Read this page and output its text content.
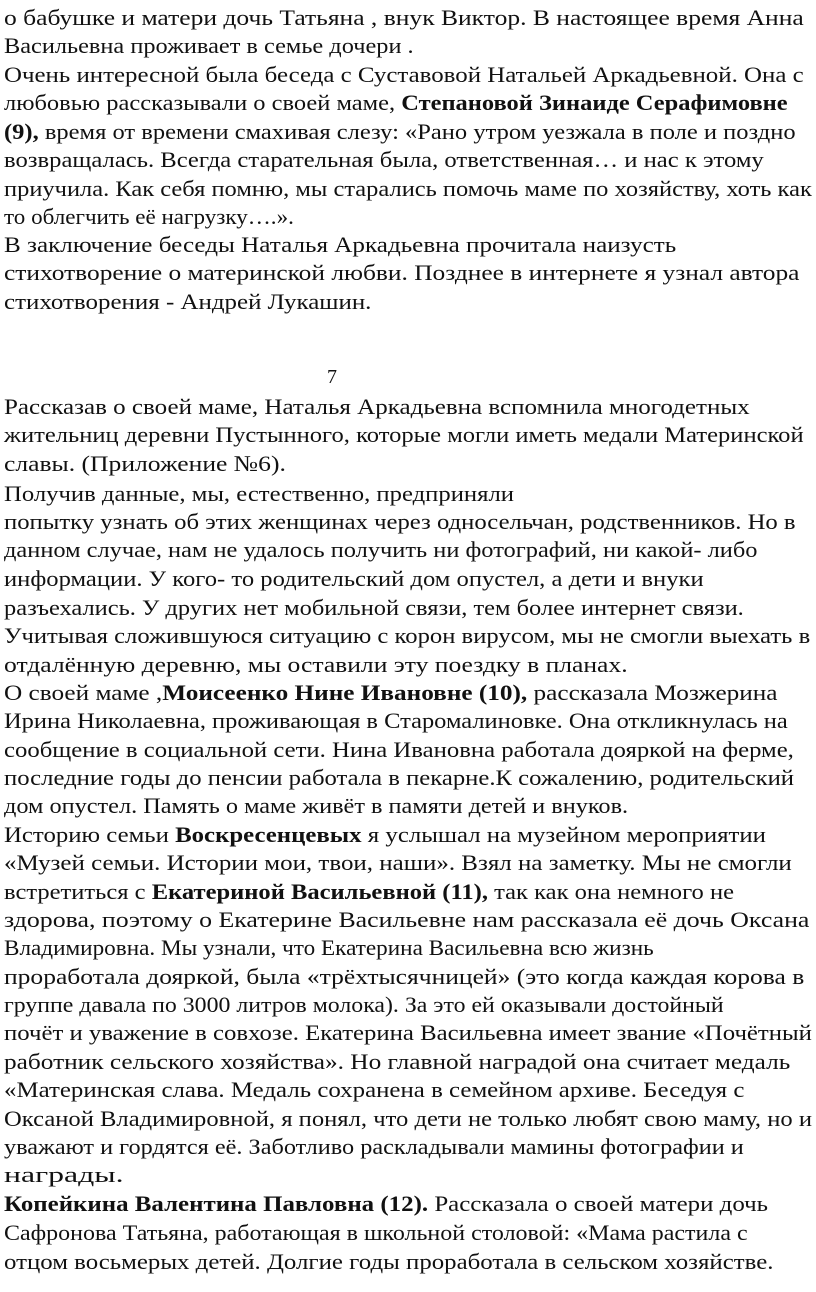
7
о бабушке и матери дочь Татьяна , внук Виктор. В настоящее время Анна
Васильевна проживает в семье дочери .
Очень интересной была беседа с Суставовой Натальей Аркадьевной. Она с
любовью рассказывали о своей маме, Степановой Зинаиде Серафимовне
(9), время от времени смахивая слезу: «Рано утром уезжала в поле и поздно
возвращалась. Всегда старательная была, ответственная… и нас к этому
приучила. Как себя помню, мы старались помочь маме по хозяйству, хоть как
то облегчить её нагрузку….».
В заключение беседы Наталья Аркадьевна прочитала наизусть
стихотворение о материнской любви. Позднее в интернете я узнал автора
стихотворения - Андрей Лукашин.
Рассказав о своей маме, Наталья Аркадьевна вспомнила многодетных
жительниц деревни Пустынного, которые могли иметь медали Материнской
славы. (Приложение №6).
Получив данные, мы, естественно, предприняли
попытку узнать об этих женщинах через односельчан, родственников. Но в
данном случае, нам не удалось получить ни фотографий, ни какой- либо
информации. У кого- то родительский дом опустел, а дети и внуки
разъехались. У других нет мобильной связи, тем более интернет связи.
Учитывая сложившуюся ситуацию с корон вирусом, мы не смогли выехать в
отдалённую деревню, мы оставили эту поездку в планах.
О своей маме ,Моисеенко Нине Ивановне (10), рассказала Мозжерина
Ирина Николаевна, проживающая в Старомалиновке. Она откликнулась на
сообщение в социальной сети. Нина Ивановна работала дояркой на ферме,
последние годы до пенсии работала в пекарне.К сожалению, родительский
дом опустел. Память о маме живёт в памяти детей и внуков.
Историю семьи Воскресенцевых я услышал на музейном мероприятии
«Музей семьи. Истории мои, твои, наши». Взял на заметку. Мы не смогли
встретиться с Екатериной Васильевной (11), так как она немного не
здорова, поэтому о Екатерине Васильевне нам рассказала её дочь Оксана
Владимировна. Мы узнали, что Екатерина Васильевна всю жизнь
проработала дояркой, была «трёхтысячницей» (это когда каждая корова в
группе давала по 3000 литров молока). За это ей оказывали достойный
почёт и уважение в совхозе. Екатерина Васильевна имеет звание «Почётный
работник сельского хозяйства». Но главной наградой она считает медаль
«Материнская слава. Медаль сохранена в семейном архиве. Беседуя с
Оксаной Владимировной, я понял, что дети не только любят свою маму, но и
уважают и гордятся её. Заботливо раскладывали мамины фотографии и
награды.
Копейкина Валентина Павловна (12). Рассказала о своей матери дочь
Сафронова Татьяна, работающая в школьной столовой: «Мама растила с
отцом восьмерых детей. Долгие годы проработала в сельском хозяйстве.
